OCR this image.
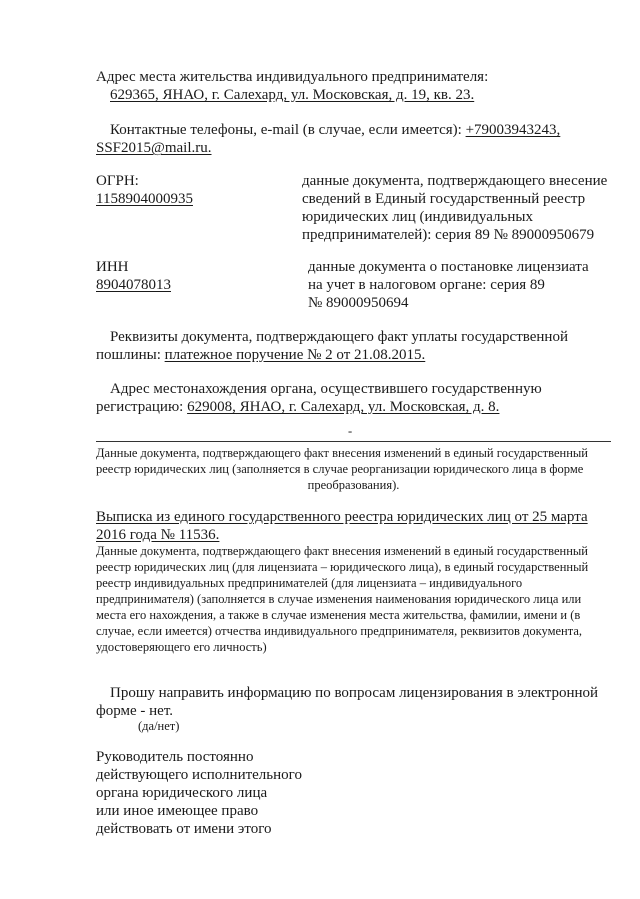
Адрес места жительства индивидуального предпринимателя:
629365, ЯНАО, г. Салехард, ул. Московская, д. 19, кв. 23.
Контактные телефоны, e-mail (в случае, если имеется): +79003943243,
SSF2015@mail.ru.
ОГРН:
1158904000935
данные документа, подтверждающего внесение
сведений в Единый государственный реестр
юридических лиц (индивидуальных
предпринимателей): серия 89 № 89000950679
ИНН
8904078013
данные документа о постановке лицензиата
на учет в налоговом органе: серия 89
№ 89000950694
Реквизиты документа, подтверждающего факт уплаты государственной
пошлины: платежное поручение № 2 от 21.08.2015.
Адрес местонахождения органа, осуществившего государственную
регистрацию: 629008, ЯНАО, г. Салехард, ул. Московская, д. 8.
-
Данные документа, подтверждающего факт внесения изменений в единый государственный
реестр юридических лиц (заполняется в случае реорганизации юридического лица в форме
преобразования).
Выписка из единого государственного реестра юридических лиц от 25 марта
2016 года № 11536.
Данные документа, подтверждающего факт внесения изменений в единый государственный
реестр юридических лиц (для лицензиата – юридического лица), в единый государственный
реестр индивидуальных предпринимателей (для лицензиата – индивидуального
предпринимателя) (заполняется в случае изменения наименования юридического лица или
места его нахождения, а также в случае изменения места жительства, фамилии, имени и (в
случае, если имеется) отчества индивидуального предпринимателя, реквизитов документа,
удостоверяющего его личность)
Прошу направить информацию по вопросам лицензирования в электронной
форме - нет.
(да/нет)
Руководитель постоянно
действующего исполнительного
органа юридического лица
или иное имеющее право
действовать от имени этого
